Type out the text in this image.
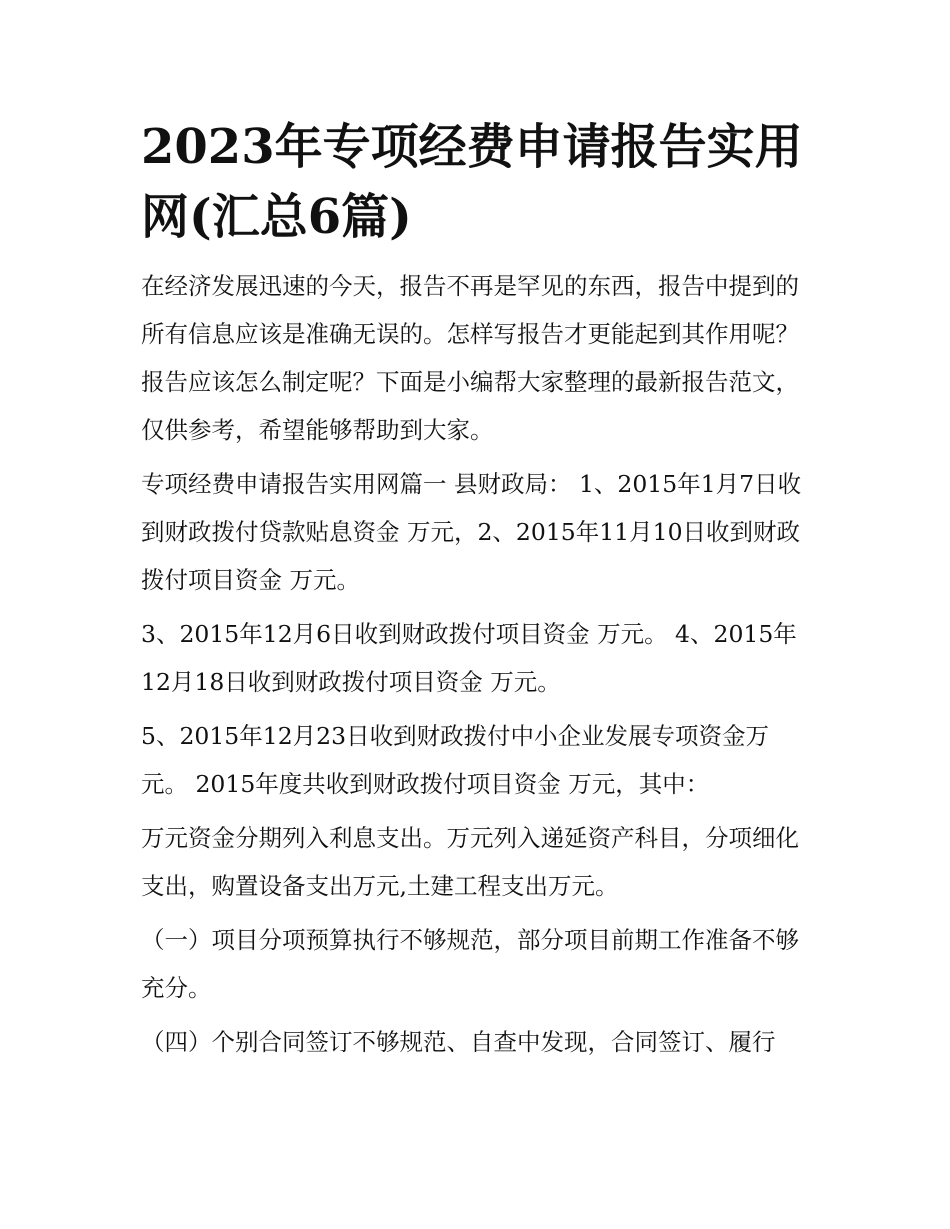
2023年专项经费申请报告实用网(汇总6篇)

在经济发展迅速的今天，报告不再是罕见的东西，报告中提到的所有信息应该是准确无误的。怎样写报告才更能起到其作用呢？报告应该怎么制定呢？下面是小编帮大家整理的最新报告范文，仅供参考，希望能够帮助到大家。

专项经费申请报告实用网篇一 县财政局： 1、2015年1月7日收到财政拨付贷款贴息资金 万元，2、2015年11月10日收到财政拨付项目资金 万元。

3、2015年12月6日收到财政拨付项目资金 万元。 4、2015年12月18日收到财政拨付项目资金 万元。

5、2015年12月23日收到财政拨付中小企业发展专项资金万元。 2015年度共收到财政拨付项目资金 万元，其中：

万元资金分期列入利息支出。万元列入递延资产科目，分项细化支出，购置设备支出万元,土建工程支出万元。

（一）项目分项预算执行不够规范，部分项目前期工作准备不够充分。

（四）个别合同签订不够规范、自查中发现，合同签订、履行
